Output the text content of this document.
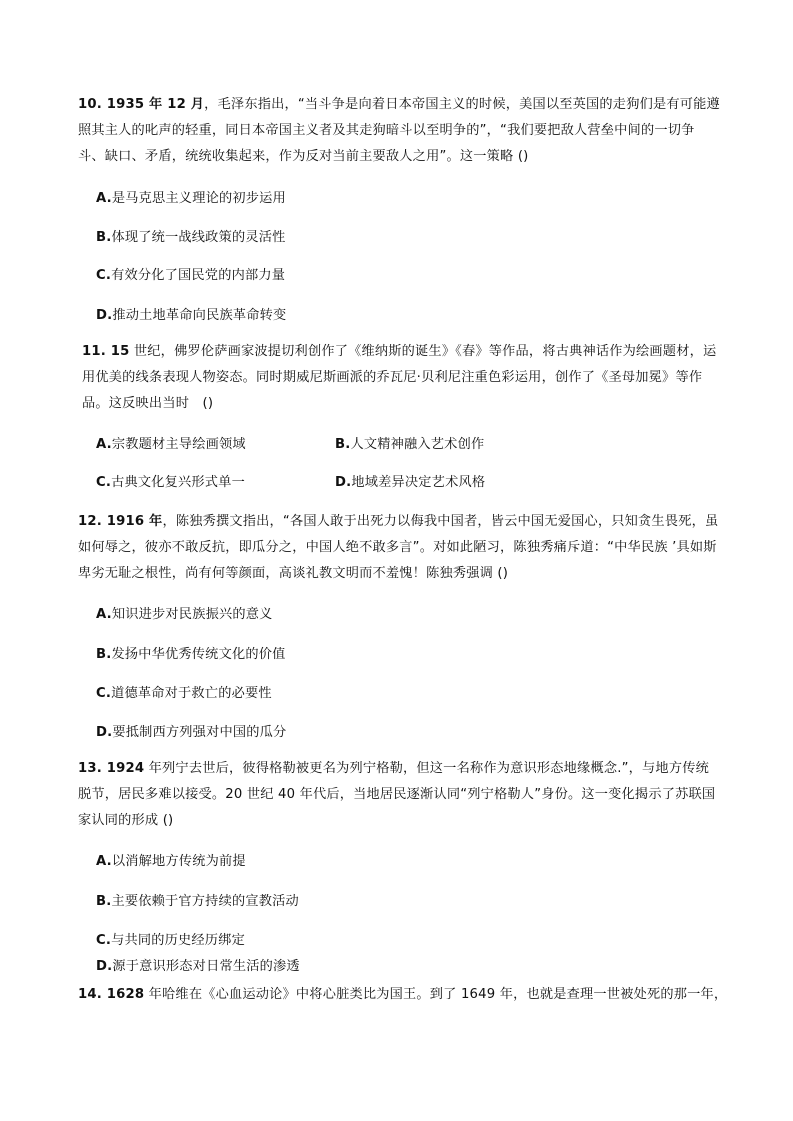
10. 1935 年 12 月，毛泽东指出，“当斗争是向着日本帝国主义的时候，美国以至英国的走狗们是有可能遵照其主人的叱声的轻重，同日本帝国主义者及其走狗暗斗以至明争的”，“我们要把敌人营垒中间的一切争斗、缺口、矛盾，统统收集起来，作为反对当前主要敌人之用”。这一策略 ()
A.是马克思主义理论的初步运用
B.体现了统一战线政策的灵活性
C.有效分化了国民党的内部力量
D.推动土地革命向民族革命转变
11. 15 世纪，佛罗伦萨画家波提切利创作了《维纳斯的诞生》《春》等作品，将古典神话作为绘画题材，运用优美的线条表现人物姿态。同时期威尼斯画派的乔瓦尼·贝利尼注重色彩运用，创作了《圣母加冕》等作品。这反映出当时　()
A.宗教题材主导绘画领域	B.人文精神融入艺术创作
C.古典文化复兴形式单一	D.地域差异决定艺术风格
12. 1916 年，陈独秀撰文指出，“各国人敢于出死力以侮我中国者，皆云中国无爱国心，只知贪生畏死，虽如何辱之，彼亦不敢反抗，即瓜分之，中国人绝不敢多言”。对如此陋习，陈独秀痛斥道：“中华民族 ’具如斯卑劣无耻之根性，尚有何等颜面，高谈礼教文明而不羞愧！陈独秀强调 ()
A.知识进步对民族振兴的意义
B.发扬中华优秀传统文化的价值
C.道德革命对于救亡的必要性
D.要抵制西方列强对中国的瓜分
13. 1924 年列宁去世后，彼得格勒被更名为列宁格勒，但这一名称作为意识形态地缘概念.”，与地方传统脱节，居民多难以接受。20 世纪 40 年代后，当地居民逐渐认同“列宁格勒人”身份。这一变化揭示了苏联国家认同的形成 ()
A.以消解地方传统为前提
B.主要依赖于官方持续的宣教活动
C.与共同的历史经历绑定
D.源于意识形态对日常生活的渗透
14. 1628 年哈维在《心血运动论》中将心脏类比为国王。到了 1649 年，也就是查理一世被处死的那一年，
